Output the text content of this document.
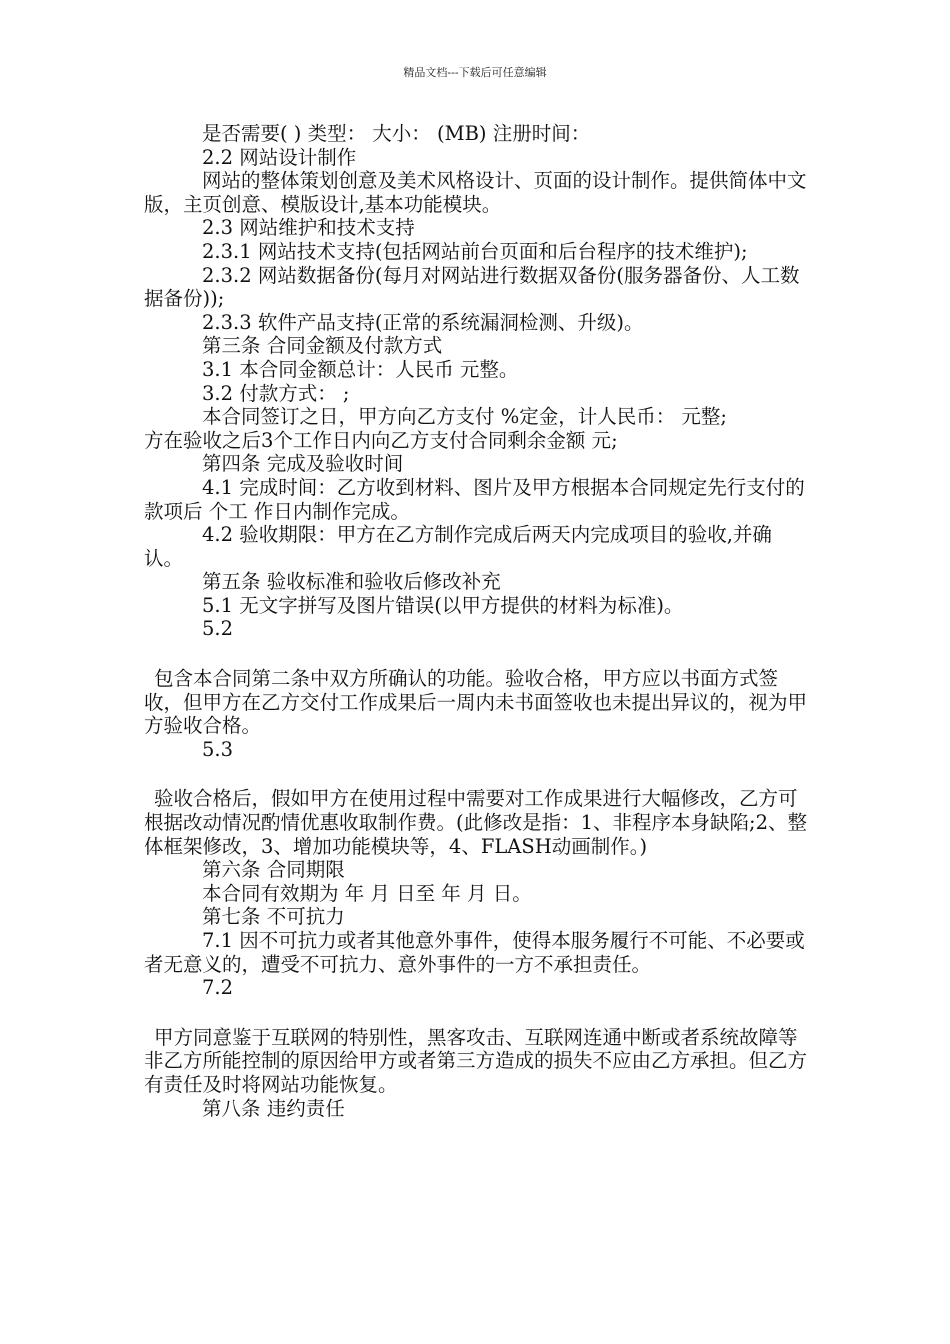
精品文档---下载后可任意编辑

是否需要( ) 类型： 大小： (MB) 注册时间：

2.2 网站设计制作

网站的整体策划创意及美术风格设计、页面的设计制作。提供简体中文版，主页创意、模版设计,基本功能模块。

2.3 网站维护和技术支持

2.3.1 网站技术支持(包括网站前台页面和后台程序的技术维护);

2.3.2 网站数据备份(每月对网站进行数据双备份(服务器备份、人工数据备份));

2.3.3 软件产品支持(正常的系统漏洞检测、升级)。

第三条 合同金额及付款方式

3.1 本合同金额总计：人民币 元整。

3.2 付款方式： ;

本合同签订之日，甲方向乙方支付 %定金，计人民币： 元整;

方在验收之后3个工作日内向乙方支付合同剩余金额 元;

第四条 完成及验收时间

4.1 完成时间：乙方收到材料、图片及甲方根据本合同规定先行支付的款项后 个工 作日内制作完成。

4.2 验收期限：甲方在乙方制作完成后两天内完成项目的验收,并确认。

第五条 验收标准和验收后修改补充

5.1 无文字拼写及图片错误(以甲方提供的材料为标准)。

5.2

包含本合同第二条中双方所确认的功能。验收合格，甲方应以书面方式签收，但甲方在乙方交付工作成果后一周内未书面签收也未提出异议的，视为甲方验收合格。

5.3

验收合格后，假如甲方在使用过程中需要对工作成果进行大幅修改，乙方可根据改动情况酌情优惠收取制作费。(此修改是指：1、非程序本身缺陷;2、整体框架修改，3、增加功能模块等，4、FLASH动画制作。)

第六条 合同期限

本合同有效期为 年 月 日至 年 月 日。

第七条 不可抗力

7.1 因不可抗力或者其他意外事件，使得本服务履行不可能、不必要或者无意义的，遭受不可抗力、意外事件的一方不承担责任。

7.2

甲方同意鉴于互联网的特别性，黑客攻击、互联网连通中断或者系统故障等非乙方所能控制的原因给甲方或者第三方造成的损失不应由乙方承担。但乙方有责任及时将网站功能恢复。

第八条 违约责任
